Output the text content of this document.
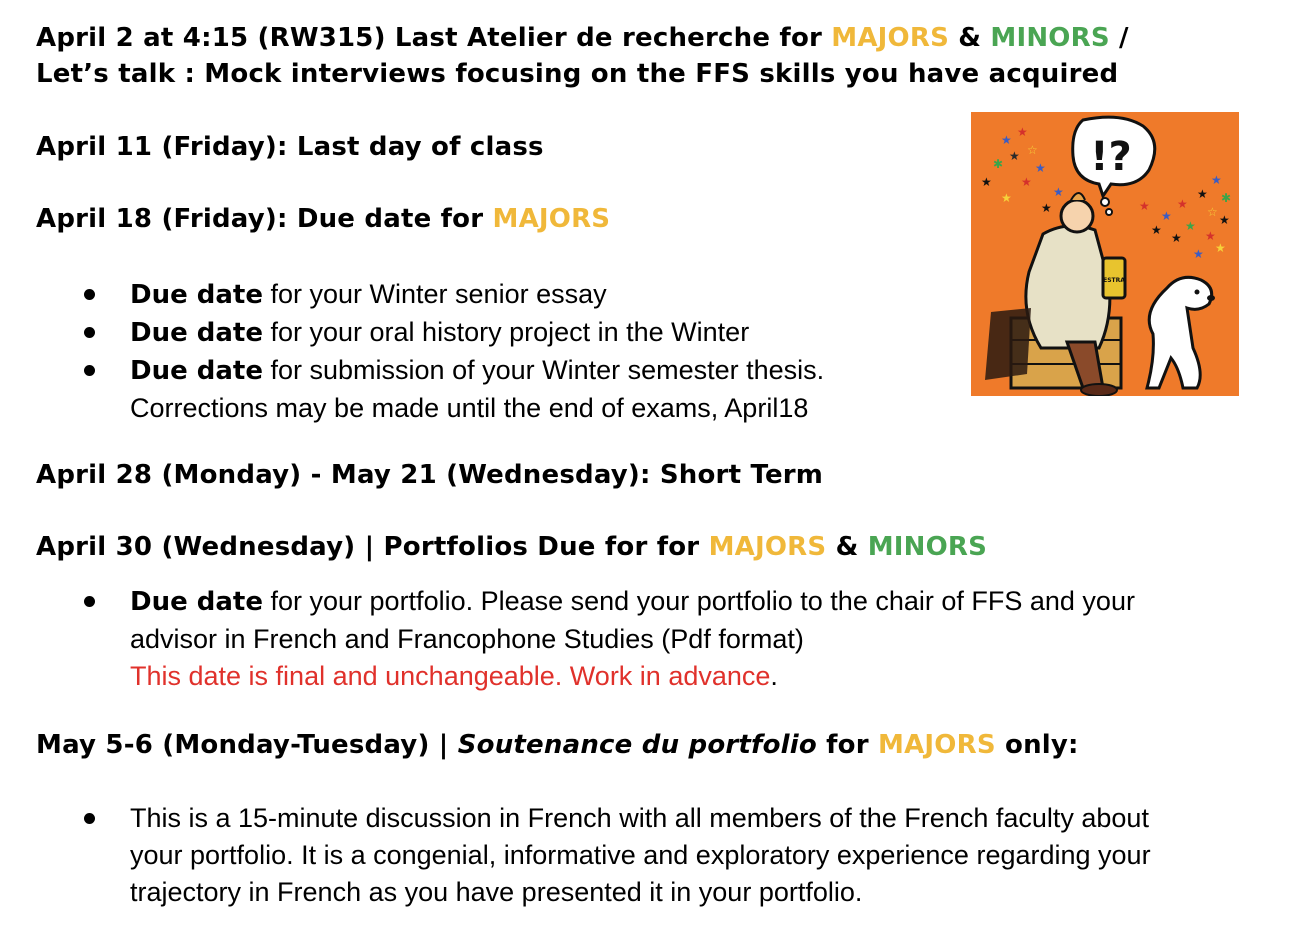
April 2 at 4:15 (RW315) Last Atelier de recherche for MAJORS & MINORS /
Let’s talk : Mock interviews focusing on the FFS skills you have acquired
April 11 (Friday): Last day of class
April 18 (Friday): Due date for MAJORS
Due date for your Winter senior essay
Due date for your oral history project in the Winter
Due date for submission of your Winter semester thesis.
Corrections may be made until the end of exams, April18
April 28 (Monday) - May 21 (Wednesday): Short Term
April 30 (Wednesday) | Portfolios Due for for MAJORS & MINORS
Due date for your portfolio. Please send your portfolio to the chair of FFS and your
advisor in French and Francophone Studies (Pdf format)
This date is final and unchangeable. Work in advance.
May 5-6 (Monday-Tuesday) | Soutenance du portfolio for MAJORS only:
This is a 15-minute discussion in French with all members of the French faculty about
your portfolio. It is a congenial, informative and exploratory experience regarding your
trajectory in French as you have presented it in your portfolio.
!?
★
★
★ ☆
✱	★
★ ★
★
★
★
★
★ ✱
★
☆
★	★
★
★
★
★
★
★
★
ESTRA
